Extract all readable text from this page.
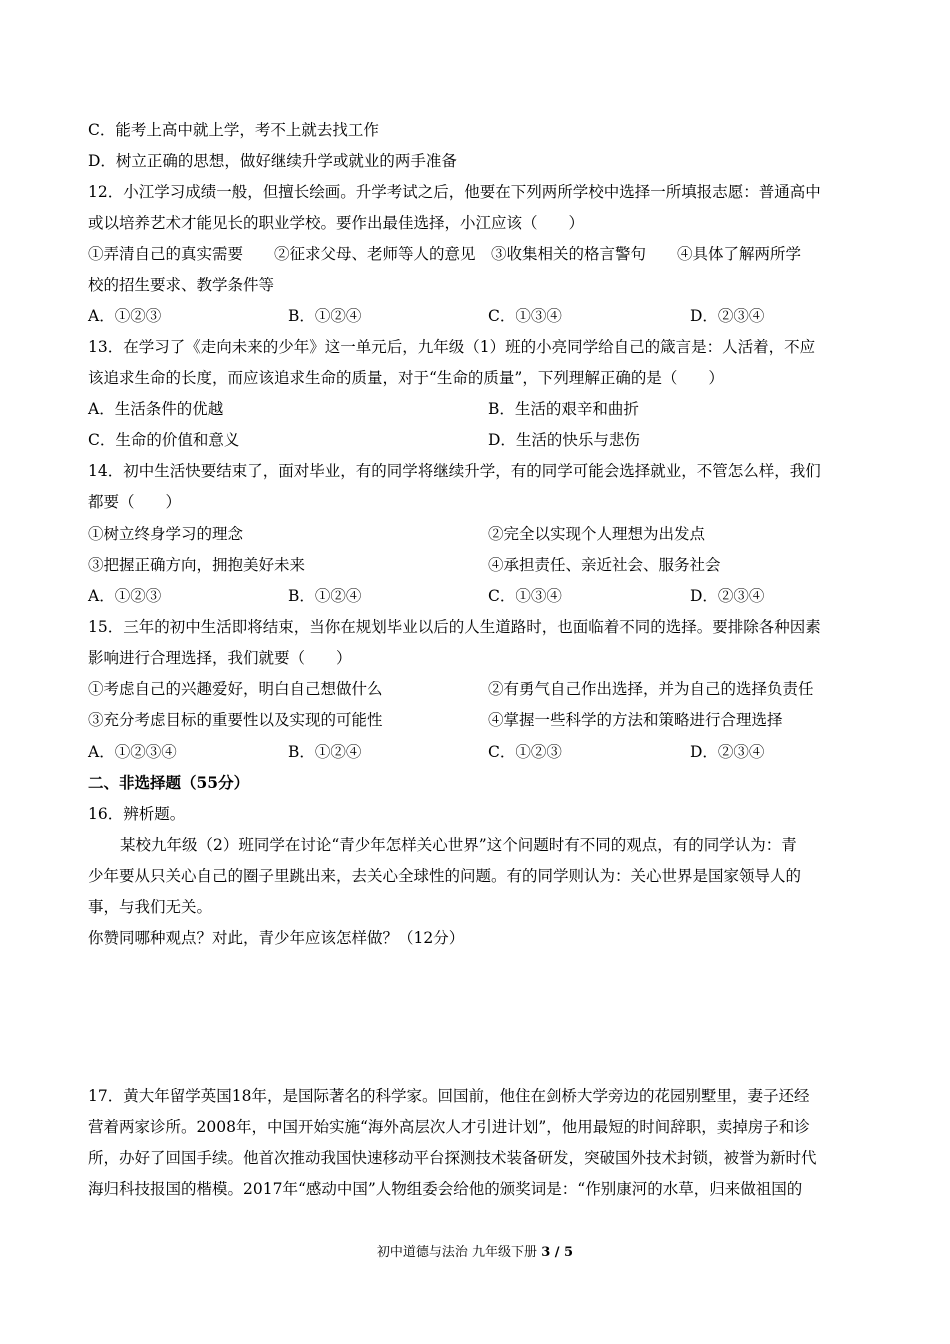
C．能考上高中就上学，考不上就去找工作
D．树立正确的思想，做好继续升学或就业的两手准备
12．小江学习成绩一般，但擅长绘画。升学考试之后，他要在下列两所学校中选择一所填报志愿：普通高中
或以培养艺术才能见长的职业学校。要作出最佳选择，小江应该（　　）
①弄清自己的真实需要　　②征求父母、老师等人的意见　③收集相关的格言警句　　④具体了解两所学
校的招生要求、教学条件等
A．①②③	B．①②④	C．①③④	D．②③④
13．在学习了《走向未来的少年》这一单元后，九年级（1）班的小亮同学给自己的箴言是：人活着，不应
该追求生命的长度，而应该追求生命的质量，对于“生命的质量”，下列理解正确的是（　　）
A．生活条件的优越	B．生活的艰辛和曲折
C．生命的价值和意义	D．生活的快乐与悲伤
14．初中生活快要结束了，面对毕业，有的同学将继续升学，有的同学可能会选择就业，不管怎么样，我们
都要（　　）
①树立终身学习的理念	②完全以实现个人理想为出发点
③把握正确方向，拥抱美好未来	④承担责任、亲近社会、服务社会
A．①②③	B．①②④	C．①③④	D．②③④
15．三年的初中生活即将结束，当你在规划毕业以后的人生道路时，也面临着不同的选择。要排除各种因素
影响进行合理选择，我们就要（　　）
①考虑自己的兴趣爱好，明白自己想做什么	②有勇气自己作出选择，并为自己的选择负责任
③充分考虑目标的重要性以及实现的可能性	④掌握一些科学的方法和策略进行合理选择
A．①②③④	B．①②④	C．①②③	D．②③④
二、非选择题（55分）
16．辨析题。
某校九年级（2）班同学在讨论“青少年怎样关心世界”这个问题时有不同的观点，有的同学认为：青
少年要从只关心自己的圈子里跳出来，去关心全球性的问题。有的同学则认为：关心世界是国家领导人的
事，与我们无关。
你赞同哪种观点？对此，青少年应该怎样做？（12分）
17．黄大年留学英国18年，是国际著名的科学家。回国前，他住在剑桥大学旁边的花园别墅里，妻子还经
营着两家诊所。2008年，中国开始实施“海外高层次人才引进计划”，他用最短的时间辞职，卖掉房子和诊
所，办好了回国手续。他首次推动我国快速移动平台探测技术装备研发，突破国外技术封锁，被誉为新时代
海归科技报国的楷模。2017年“感动中国”人物组委会给他的颁奖词是：“作别康河的水草，归来做祖国的
初中道德与法治 九年级下册 3 / 5
